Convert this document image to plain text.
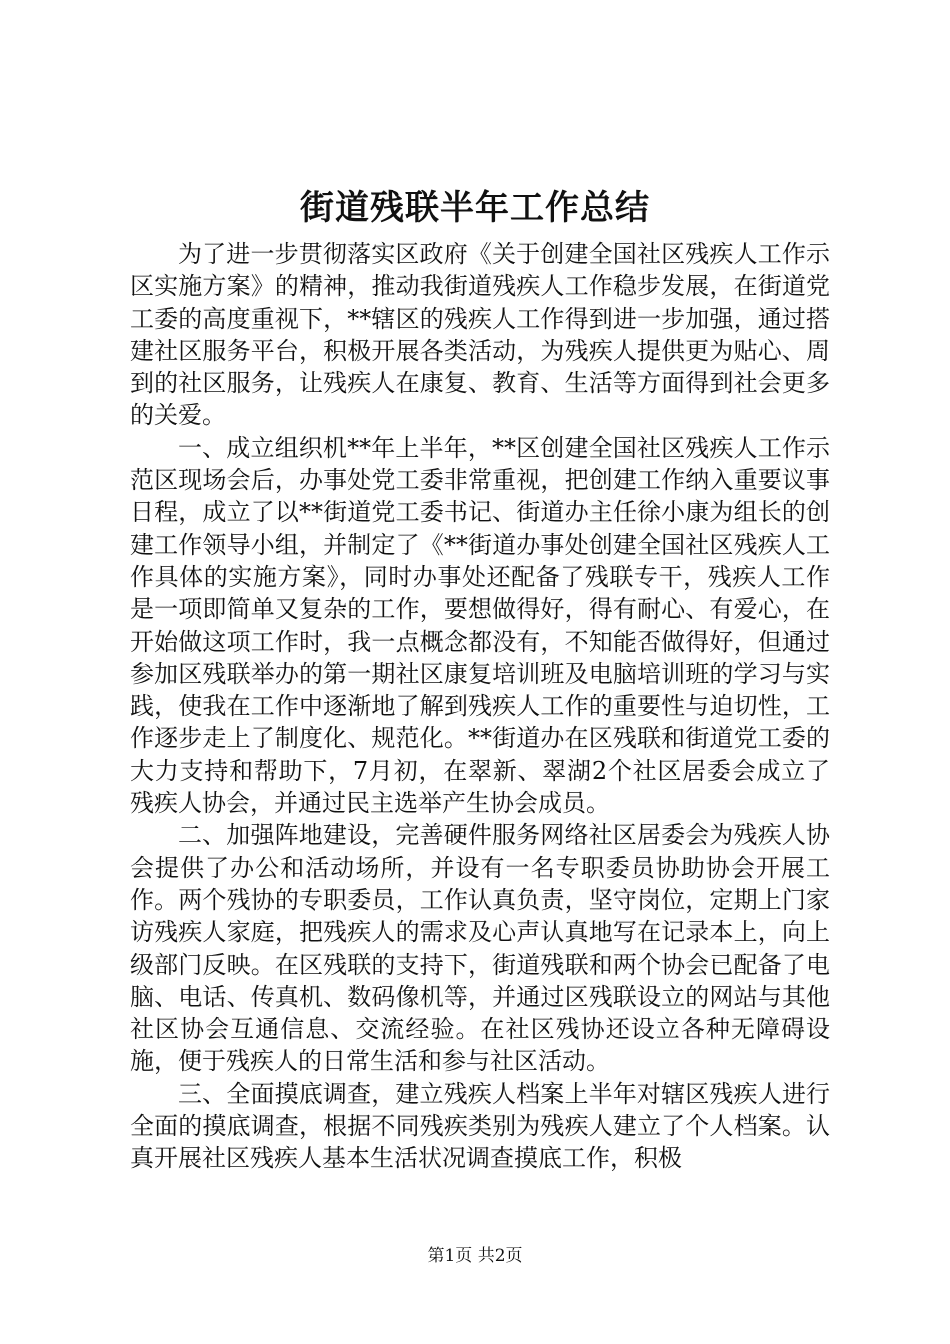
街道残联半年工作总结

为了进一步贯彻落实区政府《关于创建全国社区残疾人工作示区实施方案》的精神，推动我街道残疾人工作稳步发展，在街道党工委的高度重视下，**辖区的残疾人工作得到进一步加强，通过搭建社区服务平台，积极开展各类活动，为残疾人提供更为贴心、周到的社区服务，让残疾人在康复、教育、生活等方面得到社会更多的关爱。

一、成立组织机**年上半年，**区创建全国社区残疾人工作示范区现场会后，办事处党工委非常重视，把创建工作纳入重要议事日程，成立了以**街道党工委书记、街道办主任徐小康为组长的创建工作领导小组，并制定了《**街道办事处创建全国社区残疾人工作具体的实施方案》，同时办事处还配备了残联专干，残疾人工作是一项即简单又复杂的工作，要想做得好，得有耐心、有爱心，在开始做这项工作时，我一点概念都没有，不知能否做得好，但通过参加区残联举办的第一期社区康复培训班及电脑培训班的学习与实践，使我在工作中逐渐地了解到残疾人工作的重要性与迫切性，工作逐步走上了制度化、规范化。**街道办在区残联和街道党工委的大力支持和帮助下，7月初，在翠新、翠湖2个社区居委会成立了残疾人协会，并通过民主选举产生协会成员。

二、加强阵地建设，完善硬件服务网络社区居委会为残疾人协会提供了办公和活动场所，并设有一名专职委员协助协会开展工作。两个残协的专职委员，工作认真负责，坚守岗位，定期上门家访残疾人家庭，把残疾人的需求及心声认真地写在记录本上，向上级部门反映。在区残联的支持下，街道残联和两个协会已配备了电脑、电话、传真机、数码像机等，并通过区残联设立的网站与其他社区协会互通信息、交流经验。在社区残协还设立各种无障碍设施，便于残疾人的日常生活和参与社区活动。

三、全面摸底调查，建立残疾人档案上半年对辖区残疾人进行全面的摸底调查，根据不同残疾类别为残疾人建立了个人档案。认真开展社区残疾人基本生活状况调查摸底工作，积极

第1页 共2页
